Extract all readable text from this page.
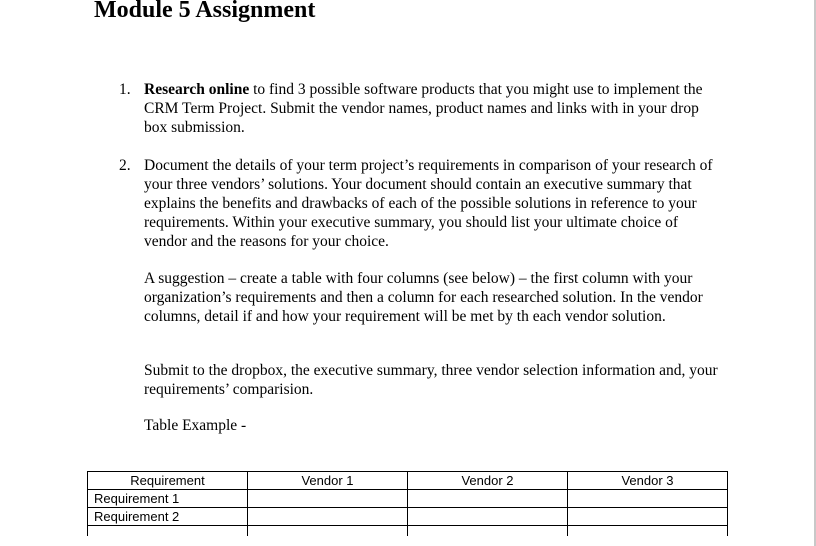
Module 5 Assignment
1. Research online to find 3 possible software products that you might use to implement the CRM Term Project. Submit the vendor names, product names and links with in your drop box submission.

2. Document the details of your term project’s requirements in comparison of your research of your three vendors’ solutions. Your document should contain an executive summary that explains the benefits and drawbacks of each of the possible solutions in reference to your requirements. Within your executive summary, you should list your ultimate choice of vendor and the reasons for your choice.

A suggestion – create a table with four columns (see below) – the first column with your organization’s requirements and then a column for each researched solution. In the vendor columns, detail if and how your requirement will be met by th each vendor solution.

Submit to the dropbox, the executive summary, three vendor selection information and, your requirements’ comparision.

Table Example -

Requirement	Vendor 1	Vendor 2	Vendor 3
Requirement 1			
Requirement 2			
